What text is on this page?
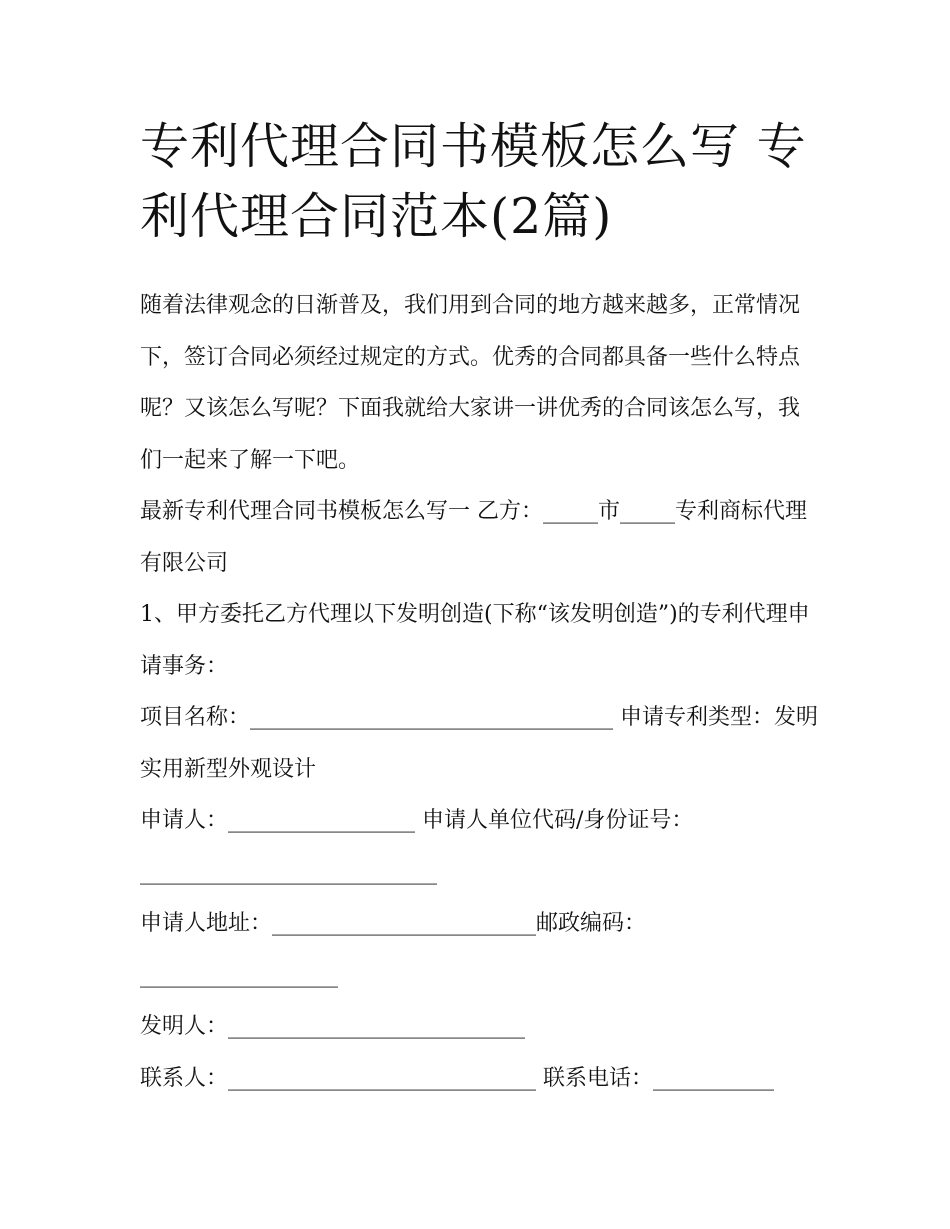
专利代理合同书模板怎么写 专利代理合同范本(2篇)

随着法律观念的日渐普及，我们用到合同的地方越来越多，正常情况下，签订合同必须经过规定的方式。优秀的合同都具备一些什么特点呢？又该怎么写呢？下面我就给大家讲一讲优秀的合同该怎么写，我们一起来了解一下吧。

最新专利代理合同书模板怎么写一 乙方：_____市_____专利商标代理有限公司

1、甲方委托乙方代理以下发明创造(下称“该发明创造”)的专利代理申请事务：

项目名称：_________________________________ 申请专利类型：发明 实用新型外观设计

申请人：_________________ 申请人单位代码/身份证号：___________________________

申请人地址：________________________邮政编码：__________________

发明人：___________________________

联系人：____________________________ 联系电话：___________
